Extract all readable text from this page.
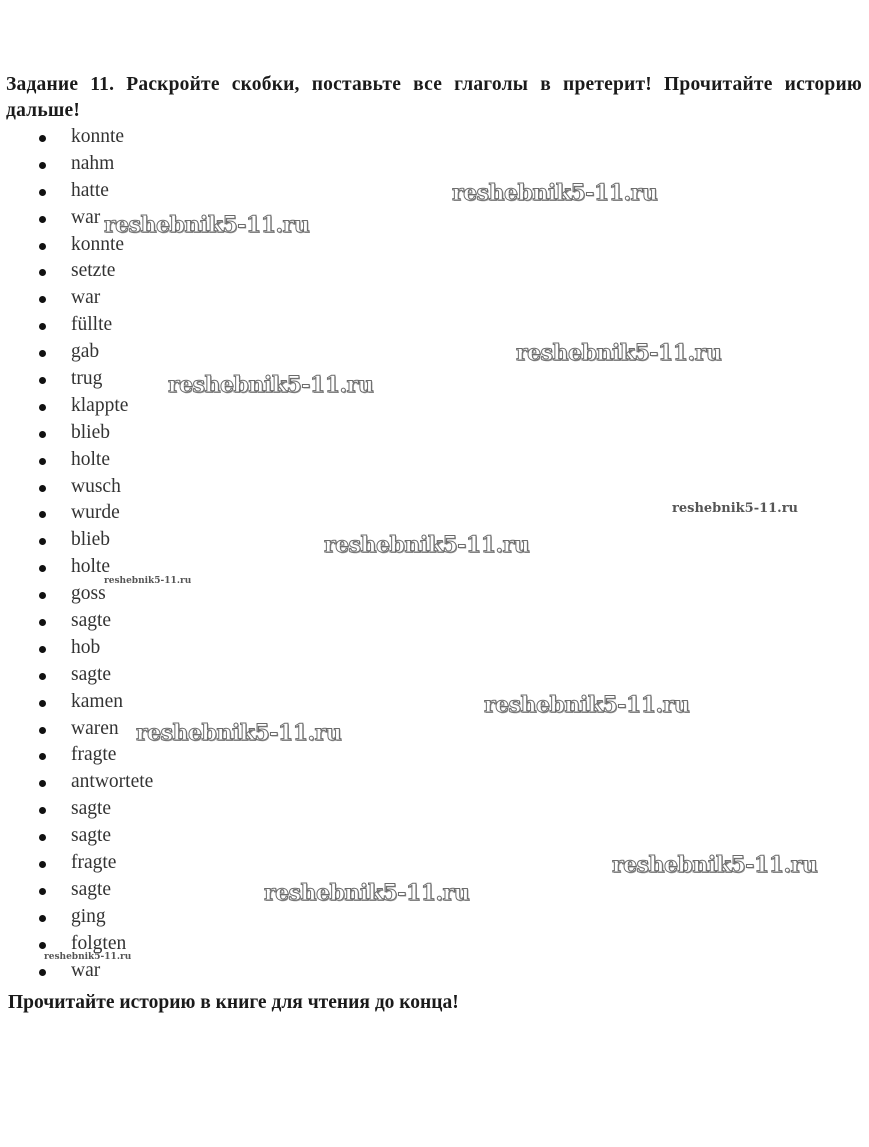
Задание 11. Раскройте скобки, поставьте все глаголы в претерит! Прочитайте историю дальше!
konnte
nahm
hatte
war
konnte
setzte
war
füllte
gab
trug
klappte
blieb
holte
wusch
wurde
blieb
holte
goss
sagte
hob
sagte
kamen
waren
fragte
antwortete
sagte
sagte
fragte
sagte
ging
folgten
war
Прочитайте историю в книге для чтения до конца!
reshebnik5-11.ru
reshebnik5-11.ru
reshebnik5-11.ru
reshebnik5-11.ru
reshebnik5-11.ru
reshebnik5-11.ru
reshebnik5-11.ru
reshebnik5-11.ru
reshebnik5-11.ru
reshebnik5-11.ru
reshebnik5-11.ru
reshebnik5-11.ru
